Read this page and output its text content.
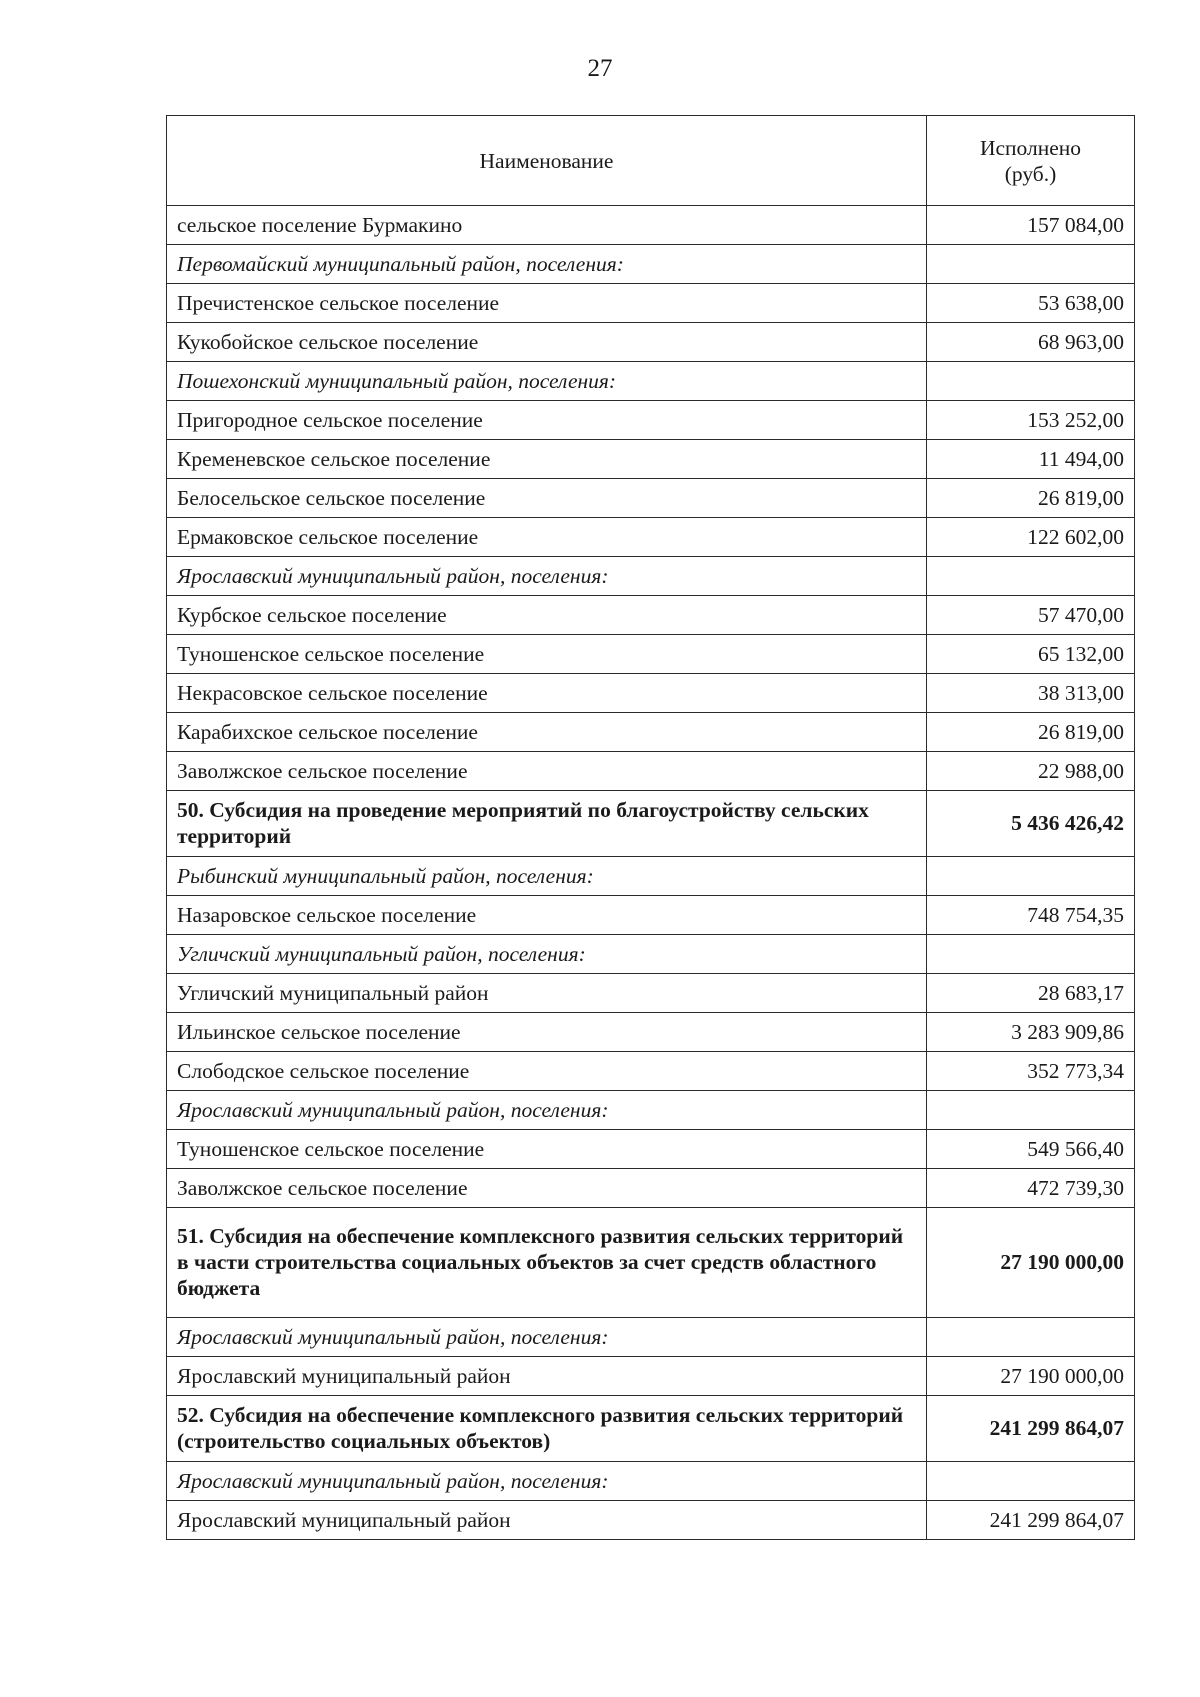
27
Наименование	Исполнено
(руб.)

сельское поселение Бурмакино	157 084,00
Первомайский муниципальный район, поселения:	
Пречистенское сельское поселение	53 638,00
Кукобойское сельское поселение	68 963,00
Пошехонский муниципальный район, поселения:	
Пригородное сельское поселение	153 252,00
Кременевское сельское поселение	11 494,00
Белосельское сельское поселение	26 819,00
Ермаковское сельское поселение	122 602,00
Ярославский муниципальный район, поселения:	
Курбское сельское поселение	57 470,00
Туношенское сельское поселение	65 132,00
Некрасовское сельское поселение	38 313,00
Карабихское сельское поселение	26 819,00
Заволжское сельское поселение	22 988,00
50. Субсидия на проведение мероприятий по благоустройству сельских территорий	5 436 426,42
Рыбинский муниципальный район, поселения:	
Назаровское сельское поселение	748 754,35
Угличский муниципальный район, поселения:	
Угличский муниципальный район	28 683,17
Ильинское сельское поселение	3 283 909,86
Слободское сельское поселение	352 773,34
Ярославский муниципальный район, поселения:	
Туношенское сельское поселение	549 566,40
Заволжское сельское поселение	472 739,30
51. Субсидия на обеспечение комплексного развития сельских территорий в части строительства социальных объектов за счет средств областного бюджета	27 190 000,00
Ярославский муниципальный район, поселения:	
Ярославский муниципальный район	27 190 000,00
52. Субсидия на обеспечение комплексного развития сельских территорий (строительство социальных объектов)	241 299 864,07
Ярославский муниципальный район, поселения:	
Ярославский муниципальный район	241 299 864,07
